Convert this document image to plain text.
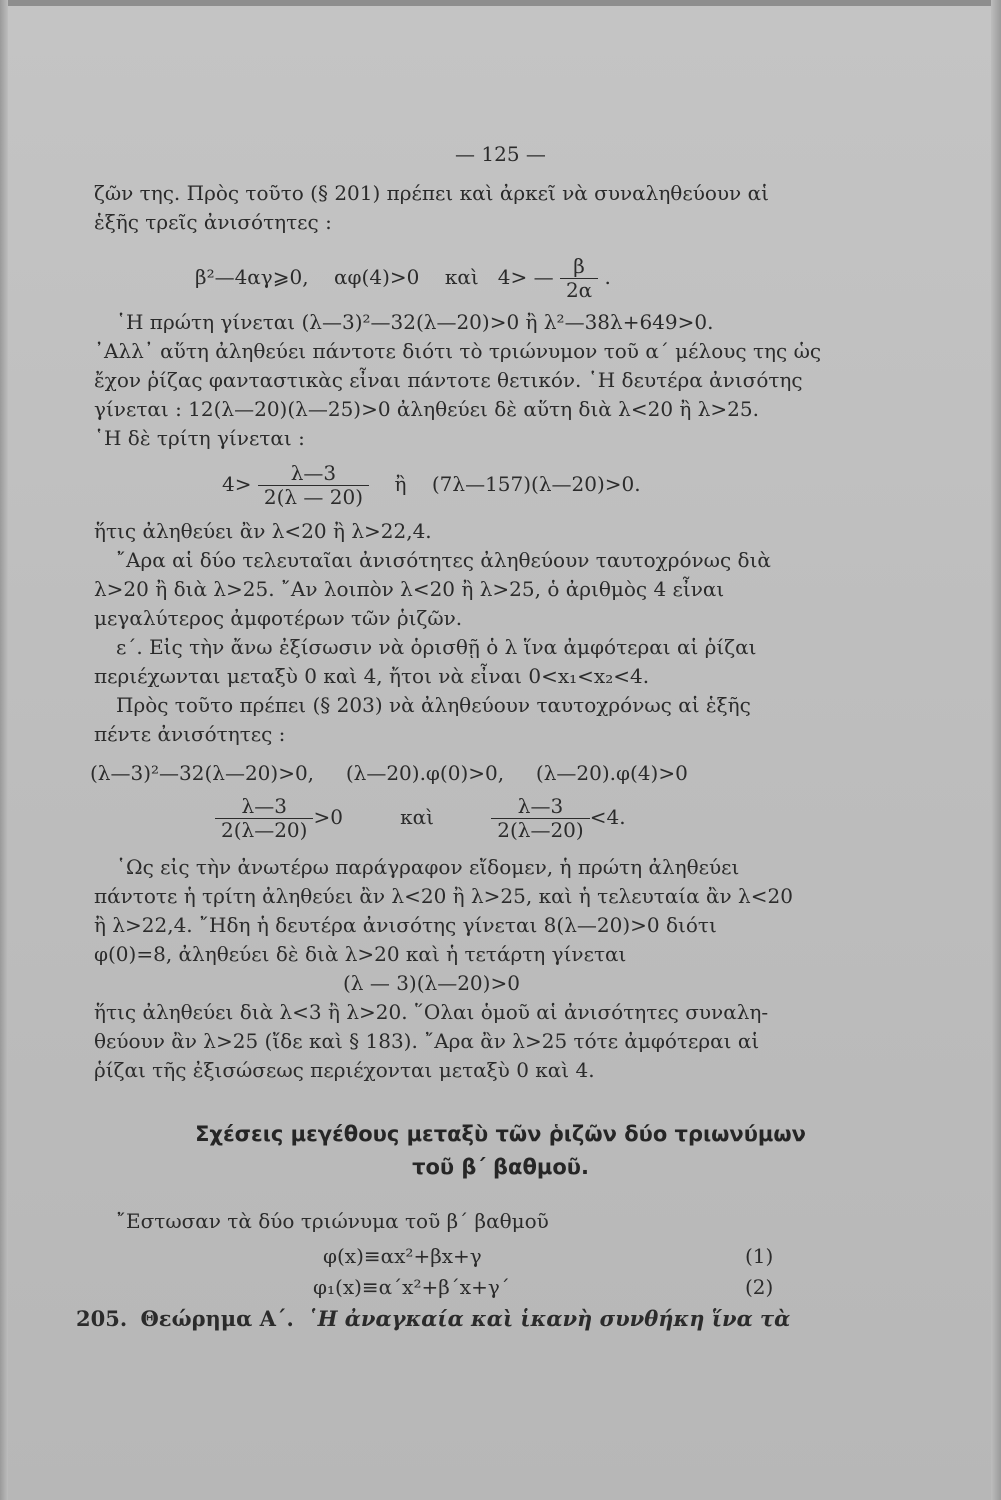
— 125 —
ζῶν της. Πρὸς τοῦτο (§ 201) πρέπει καὶ ἀρκεῖ νὰ συναληθεύουν αἱ
ἑξῆς τρεῖς ἀνισότητες :
β²—4αγ⩾0, αφ(4)>0 καὶ 4> — $\frac{\beta}{2\alpha}$ .
῾Η πρώτη γίνεται (λ—3)²—32(λ—20)>0 ἢ λ²—38λ+649>0.
᾿Αλλ᾿ αὕτη ἀληθεύει πάντοτε διότι τὸ τριώνυμον τοῦ α΄ μέλους της ὡς
ἔχον ῥίζας φανταστικὰς εἶναι πάντοτε θετικόν. ῾Η δευτέρα ἀνισότης
γίνεται : 12(λ—20)(λ—25)>0 ἀληθεύει δὲ αὕτη διὰ λ<20 ἢ λ>25.
῾Η δὲ τρίτη γίνεται :
$4> \frac{\lambda—3}{2(\lambda — 20)}$ ἢ (7λ—157)(λ—20)>0.
ἥτις ἀληθεύει ἂν λ<20 ἢ λ>22,4.
῎Αρα αἱ δύο τελευταῖαι ἀνισότητες ἀληθεύουν ταυτοχρόνως διὰ
λ>20 ἢ διὰ λ>25. ῎Αν λοιπὸν λ<20 ἢ λ>25, ὁ ἀριθμὸς 4 εἶναι
μεγαλύτερος ἀμφοτέρων τῶν ῥιζῶν.
ε΄. Εἰς τὴν ἄνω ἐξίσωσιν νὰ ὁρισθῇ ὁ λ ἵνα ἀμφότεραι αἱ ῥίζαι
περιέχωνται μεταξὺ 0 καὶ 4, ἤτοι νὰ εἶναι 0<x₁<x₂<4.
Πρὸς τοῦτο πρέπει (§ 203) νὰ ἀληθεύουν ταυτοχρόνως αἱ ἑξῆς
πέντε ἀνισότητες :
(λ—3)²—32(λ—20)>0, (λ—20).φ(0)>0, (λ—20).φ(4)>0
$\frac{\lambda—3}{2(\lambda—20)} >0$	καὶ	$\frac{\lambda—3}{2(\lambda—20)} <4$.
῾Ως εἰς τὴν ἀνωτέρω παράγραφον εἴδομεν, ἡ πρώτη ἀληθεύει
πάντοτε ἡ τρίτη ἀληθεύει ἂν λ<20 ἢ λ>25, καὶ ἡ τελευταία ἂν λ<20
ἢ λ>22,4. ῎Ηδη ἡ δευτέρα ἀνισότης γίνεται 8(λ—20)>0 διότι
φ(0)=8, ἀληθεύει δὲ διὰ λ>20 καὶ ἡ τετάρτη γίνεται
(λ — 3)(λ—20)>0
ἥτις ἀληθεύει διὰ λ<3 ἢ λ>20. ῞Ολαι ὁμοῦ αἱ ἀνισότητες συναλη-
θεύουν ἂν λ>25 (ἴδε καὶ § 183). ῎Αρα ἂν λ>25 τότε ἀμφότεραι αἱ
ῥίζαι τῆς ἐξισώσεως περιέχονται μεταξὺ 0 καὶ 4.
Σχέσεις μεγέθους μεταξὺ τῶν ῥιζῶν δύο τριωνύμων
τοῦ β΄ βαθμοῦ.
῎Εστωσαν τὰ δύο τριώνυμα τοῦ β΄ βαθμοῦ
φ(x)≡αx²+βx+γ	(1)
φ₁(x)≡α΄x²+β΄x+γ΄	(2)
205. Θεώρημα Α΄. ῾Η ἀναγκαία καὶ ἱκανὴ συνθήκη ἵνα τὰ
